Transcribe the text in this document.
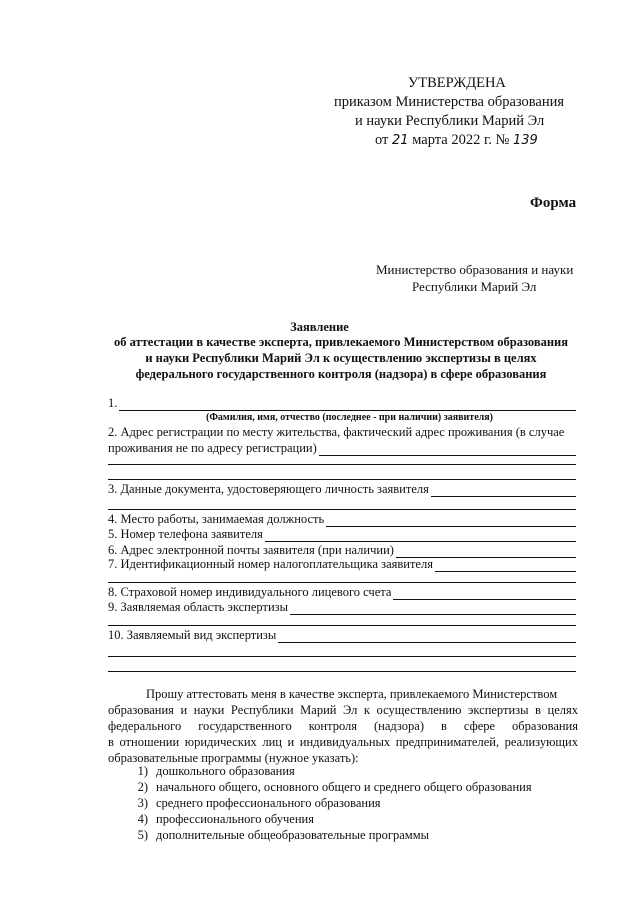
УТВЕРЖДЕНА
приказом Министерства образования
и науки Республики Марий Эл
от 21 марта 2022 г. № 139
Форма
Министерство образования и науки
Республики Марий Эл
Заявление
об аттестации в качестве эксперта, привлекаемого Министерством образования
и науки Республики Марий Эл к осуществлению экспертизы в целях
федерального государственного контроля (надзора) в сфере образования
1.
(Фамилия, имя, отчество (последнее - при наличии) заявителя)
2. Адрес регистрации по месту жительства, фактический адрес проживания (в случае
проживания не по адресу регистрации)
3. Данные документа, удостоверяющего личность заявителя
4. Место работы, занимаемая должность
5. Номер телефона заявителя
6. Адрес электронной почты заявителя (при наличии)
7. Идентификационный номер налогоплательщика заявителя
8. Страховой номер индивидуального лицевого счета
9. Заявляемая область экспертизы
10. Заявляемый вид экспертизы
Прошу аттестовать меня в качестве эксперта, привлекаемого Министерством
образования и науки Республики Марий Эл к осуществлению экспертизы в целях
федерального государственного контроля (надзора) в сфере образования
в отношении юридических лиц и индивидуальных предпринимателей, реализующих
образовательные программы (нужное указать):
1) дошкольного образования
2) начального общего, основного общего и среднего общего образования
3) среднего профессионального образования
4) профессионального обучения
5) дополнительные общеобразовательные программы
